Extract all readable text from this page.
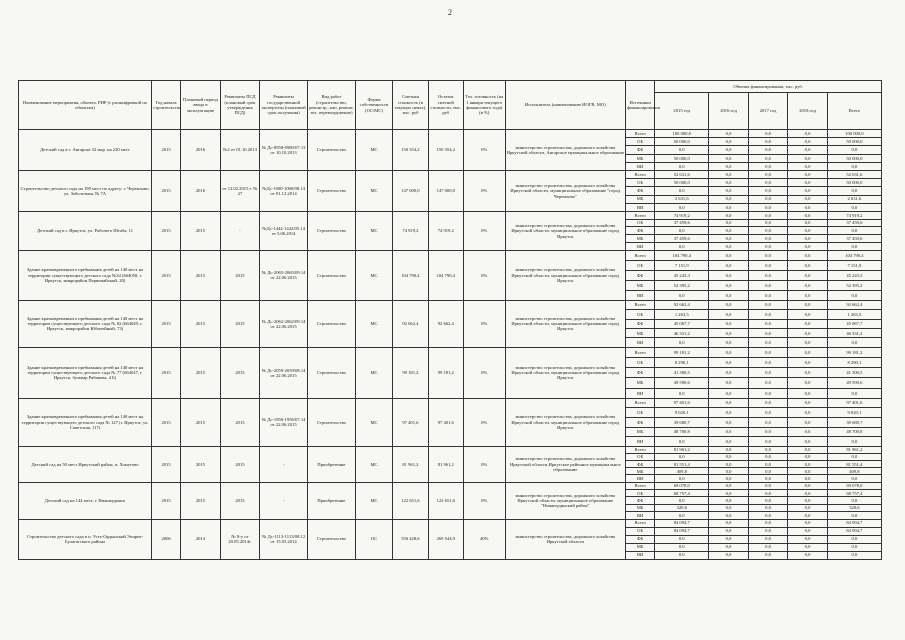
2
Наименование мероприятия, объекта, РИР (с расшифровкой по объектам)	Год начала строительства	Плановый период ввода в эксплуатацию	Реквизиты ПСД (плановый срок утверждения ПСД)	Реквизиты государственной экспертизы (плановый срок получения)	Вид работ (строительство, реконстр., кап. ремонт, тех. перевооружение)	Форма собственности (ОС/МС)	Сметная стоимость (в текущих ценах), тыс. руб	Остаток сметной стоимости, тыс. руб	Тех. готовность (на 1 января текущего финансового года) (в %)	Исполнитель (наименование ИОГВ, МО)	Источники финансирования	Объемы финансирования, тыс. руб.				
												2015 год	2016 год	2017 год	2018 год	Всего
Детский сад в г. Ангарске 32 мкр. на 220 мест	2015	2016	№2 от 01.10.2013	№ Дс-0958-0980/07.13 от 10.10.2013	Строительство	МС	150 354,2	150 354,2	0%	министерство строительства, дорожного хозяйства Иркутской области, Ангарское муниципальное образование	Всего	100 000,0	0,0	0,0	0,0	100 000,0
											ОБ	50 000,0	0,0	0,0	0,0	50 000,0
											ФБ	0,0	0,0	0,0	0,0	0,0
											МБ	50 000,0	0,0	0,0	0,0	50 000,0
											ВИ	0,0	0,0	0,0	0,0	0,0
Строительство детского сада на 190 мест по адресу: г. Черемхово, ул. Заболотная, № 7А	2015	2016	от 12.02.2015 г. № 27	№Дс-1000-1000/08.14 от 01.12.2014	Строительство	МС	147 000,0	147 000,0	0%	министерство строительства, дорожного хозяйства Иркутской области, муниципальное образование "город Черемхово"	Всего	52 631,6	0,0	0,0	0,0	52 631,6
											ОБ	50 000,0	0,0	0,0	0,0	50 000,0
											ФБ	0,0	0,0	0,0	0,0	0,0
											МБ	2 631,6	0,0	0,0	0,0	2 631,6
											ВИ	0,0	0,0	0,0	0,0	0,0
Детский сад в г. Иркутск, ул. Рабочего Штаба, 11	2015	2015	-	№Дс-1442-1442/05.14 от 5.06.2014	Строительство	МС	74 919,2	74 919,2	0%	министерство строительства, дорожного хозяйства Иркутской области, муниципальное образование город Иркутск	Всего	74 919,2	0,0	0,0	0,0	74 919,2
											ОБ	37 459,6	0,0	0,0	0,0	37 459,6
											ФБ	0,0	0,0	0,0	0,0	0,0
											МБ	37 459,6	0,0	0,0	0,0	37 459,6
											ВИ	0,0	0,0	0,0	0,0	0,0
Здание кратковременного пребывания детей на 140 мест на территории существующего детского сада №34 (664058, г. Иркутск, микрорайон Первомайский, 20)	2015	2015	2015	№ Дс-2065-2065/09.14 от 22.06.2015	Строительство	МС	104 790,4	104 790,4	0%	министерство строительства, дорожного хозяйства Иркутской области, муниципальное образование город Иркутск	Всего	104 790,4	0,0	0,0	0,0	104 790,4
											ОБ	7 151,9	0,0	0,0	0,0	7 151,9
											ФБ	45 243,3	0,0	0,0	0,0	45 243,3
											МБ	52 395,2	0,0	0,0	0,0	52 395,2
											ВИ	0,0	0,0	0,0	0,0	0,0
Здание кратковременного пребывания детей на 140 мест на территории существующего детского сада № 82 (664049, г. Иркутск, микрорайон Юбилейный, 73)	2015	2015	2015	№ Дс-2062-2062/09.14 от 22.06.2015	Строительство	МС	92 662,4	92 662,4	0%	министерство строительства, дорожного хозяйства Иркутской области, муниципальное образование город Иркутск	Всего	92 662,4	0,0	0,0	0,0	92 662,4
											ОБ	1 263,5	0,0	0,0	0,0	1 263,5
											ФБ	45 067,7	0,0	0,0	0,0	45 067,7
											МБ	46 331,2	0,0	0,0	0,0	46 331,2
											ВИ	0,0	0,0	0,0	0,0	0,0
Здание кратковременного пребывания детей на 140 мест на территории существующего детского сада № 77 (664047, г. Иркутск, бульвар Рябикова, 4 Б)	2015	2015	2015	№ Дс-2059-2059/08.14 от 22.06.2015	Строительство	МС	99 181,2	99 181,2	0%	министерство строительства, дорожного хозяйства Иркутской области, муниципальное образование город Иркутск	Всего	99 181,2	0,0	0,0	0,0	99 181,2
											ОБ	8 290,1	0,0	0,0	0,0	8 290,1
											ФБ	41 300,5	0,0	0,0	0,0	41 300,5
											МБ	49 590,6	0,0	0,0	0,0	49 590,6
											ВИ	0,0	0,0	0,0	0,0	0,0
Здание кратковременного пребывания детей на 140 мест на территории существующего детского сада № 127 (г. Иркутск, ул. Советская, 117)	2015	2015	2015	№ Дс-1956-1956/07.14 от 22.06.2015	Строительство	МС	97 401,6	97 401,6	0%	министерство строительства, дорожного хозяйства Иркутской области, муниципальное образование город Иркутск	Всего	97 401,6	0,0	0,0	0,0	97 401,6
											ОБ	9 020,1	0,0	0,0	0,0	9 020,1
											ФБ	39 680,7	0,0	0,0	0,0	39 680,7
											МБ	48 700,8	0,0	0,0	0,0	48 700,8
											ВИ	0,0	0,0	0,0	0,0	0,0
Детский сад на 50 мест Иркутский район, п. Хомутово	2015	2015	2015	-	Приобретение	МС	81 961,2	81 961,2	0%	министерство строительства, дорожного хозяйства Иркутской области,Иркутское районное муниципальное образование	Всего	81 961,2	0,0	0,0	0,0	81 961,2
											ОБ	0,0	0,0	0,0	0,0	0,0
											ФБ	81 551,4	0,0	0,0	0,0	81 551,4
											МБ	409,8	0,0	0,0	0,0	409,8
											ВИ	0,0	0,0	0,0	0,0	0,0
Детский сад на 144 мест, г. Нижнеудинск	2015	2015	2015	-	Приобретение	МС	122 651,6	122 651,6	0%	министерство строительства, дорожного хозяйства Иркутской области, муниципальное образование "Нижнеудинский район"	Всего	69 078,0	0,0	0,0	0,0	69 078,0
											ОБ	68 757,4	0,0	0,0	0,0	68 757,4
											ФБ	0,0	0,0	0,0	0,0	0,0
											МБ	320,6	0,0	0,0	0,0	320,6
											ВИ	0,0	0,0	0,0	0,0	0,0
Строительство детского сада в п. Усть-Ордынский Эхирит-Булагатского района	2006	2014	№ 8-у от 20.05.2014г.	№ Дс-1113-1113/08.12 от 15.05.2014	Строительство	ОС	556 428,6	269 544,9	40%	министерство строительства, дорожного хозяйства Иркутской области	Всего	84 094,7	0,0	0,0	0,0	84 094,7
											ОБ	84 094,7	0,0	0,0	0,0	84 094,7
											ФБ	0,0	0,0	0,0	0,0	0,0
											МБ	0,0	0,0	0,0	0,0	0,0
											ВИ	0,0	0,0	0,0	0,0	0,0
